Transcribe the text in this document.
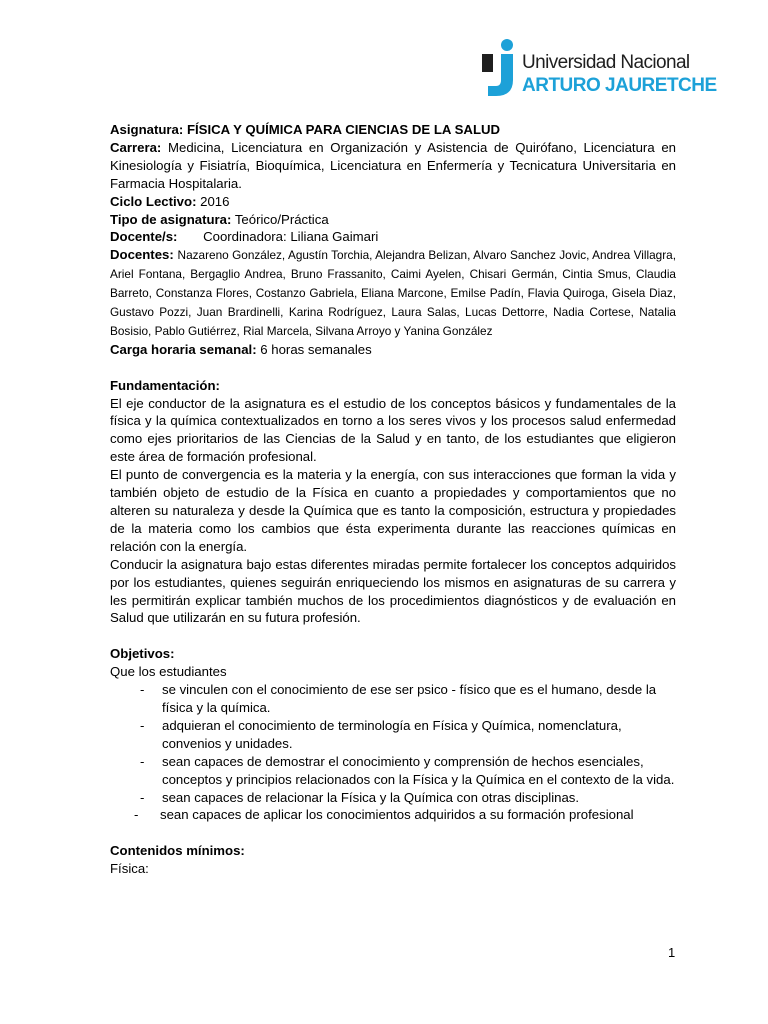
Universidad Nacional
ARTURO JAURETCHE

Asignatura: FÍSICA Y QUÍMICA PARA CIENCIAS DE LA SALUD

Carrera: Medicina, Licenciatura en Organización y Asistencia de Quirófano, Licenciatura en Kinesiología y Fisiatría, Bioquímica, Licenciatura en Enfermería y Tecnicatura Universitaria en Farmacia Hospitalaria.

Ciclo Lectivo: 2016

Tipo de asignatura: Teórico/Práctica

Docente/s: Coordinadora: Liliana Gaimari

Docentes: Nazareno González, Agustín Torchia, Alejandra Belizan, Alvaro Sanchez Jovic, Andrea Villagra, Ariel Fontana, Bergaglio Andrea, Bruno Frassanito, Caimi Ayelen, Chisari Germán, Cintia Smus, Claudia Barreto, Constanza Flores, Costanzo Gabriela, Eliana Marcone, Emilse Padín, Flavia Quiroga, Gisela Diaz, Gustavo Pozzi, Juan Brardinelli, Karina Rodríguez, Laura Salas, Lucas Dettorre, Nadia Cortese, Natalia Bosisio, Pablo Gutiérrez, Rial Marcela, Silvana Arroyo y Yanina González

Carga horaria semanal: 6 horas semanales

Fundamentación:

El eje conductor de la asignatura es el estudio de los conceptos básicos y fundamentales de la física y la química contextualizados en torno a los seres vivos y los procesos salud enfermedad como ejes prioritarios de las Ciencias de la Salud y en tanto, de los estudiantes que eligieron este área de formación profesional.

El punto de convergencia es la materia y la energía, con sus interacciones que forman la vida y también objeto de estudio de la Física en cuanto a propiedades y comportamientos que no alteren su naturaleza y desde la Química que es tanto la composición, estructura y propiedades de la materia como los cambios que ésta experimenta durante las reacciones químicas en relación con la energía.

Conducir la asignatura bajo estas diferentes miradas permite fortalecer los conceptos adquiridos por los estudiantes, quienes seguirán enriqueciendo los mismos en asignaturas de su carrera y les permitirán explicar también muchos de los procedimientos diagnósticos y de evaluación en Salud que utilizarán en su futura profesión.

Objetivos:

Que los estudiantes

- se vinculen con el conocimiento de ese ser psico - físico que es el humano, desde la física y la química.
- adquieran el conocimiento de terminología en Física y Química, nomenclatura, convenios y unidades.
- sean capaces de demostrar el conocimiento y comprensión de hechos esenciales, conceptos y principios relacionados con la Física y la Química en el contexto de la vida.
- sean capaces de relacionar la Física y la Química con otras disciplinas.
- sean capaces de aplicar los conocimientos adquiridos a su formación profesional

Contenidos mínimos:

Física:

1
